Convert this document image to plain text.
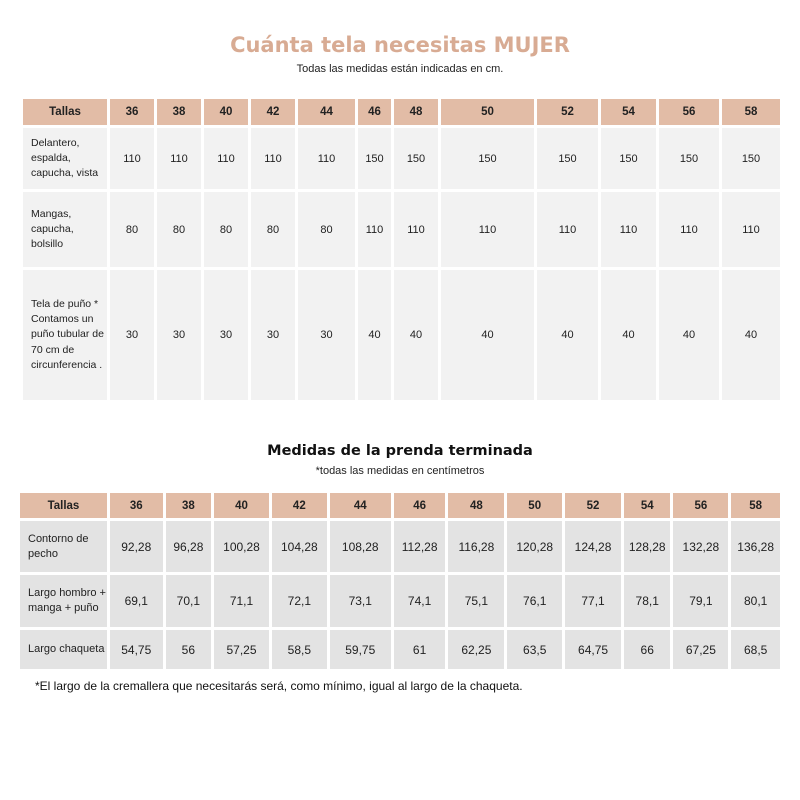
Cuánta tela necesitas MUJER
Todas las medidas están indicadas en cm.
Tallas	36	38	40	42	44	46	48	50	52	54	56	58
Delantero, espalda, capucha, vista	110	110	110	110	110	150	150	150	150	150	150	150
Mangas, capucha, bolsillo	80	80	80	80	80	110	110	110	110	110	110	110
Tela de puño * Contamos un puño tubular de 70 cm de circunferencia .	30	30	30	30	30	40	40	40	40	40	40	40
Medidas de la prenda terminada
*todas las medidas en centímetros
Tallas	36	38	40	42	44	46	48	50	52	54	56	58
Contorno de pecho	92,28	96,28	100,28	104,28	108,28	112,28	116,28	120,28	124,28	128,28	132,28	136,28
Largo hombro + manga + puño	69,1	70,1	71,1	72,1	73,1	74,1	75,1	76,1	77,1	78,1	79,1	80,1
Largo chaqueta	54,75	56	57,25	58,5	59,75	61	62,25	63,5	64,75	66	67,25	68,5
*El largo de la cremallera que necesitarás será, como mínimo, igual al largo de la chaqueta.
